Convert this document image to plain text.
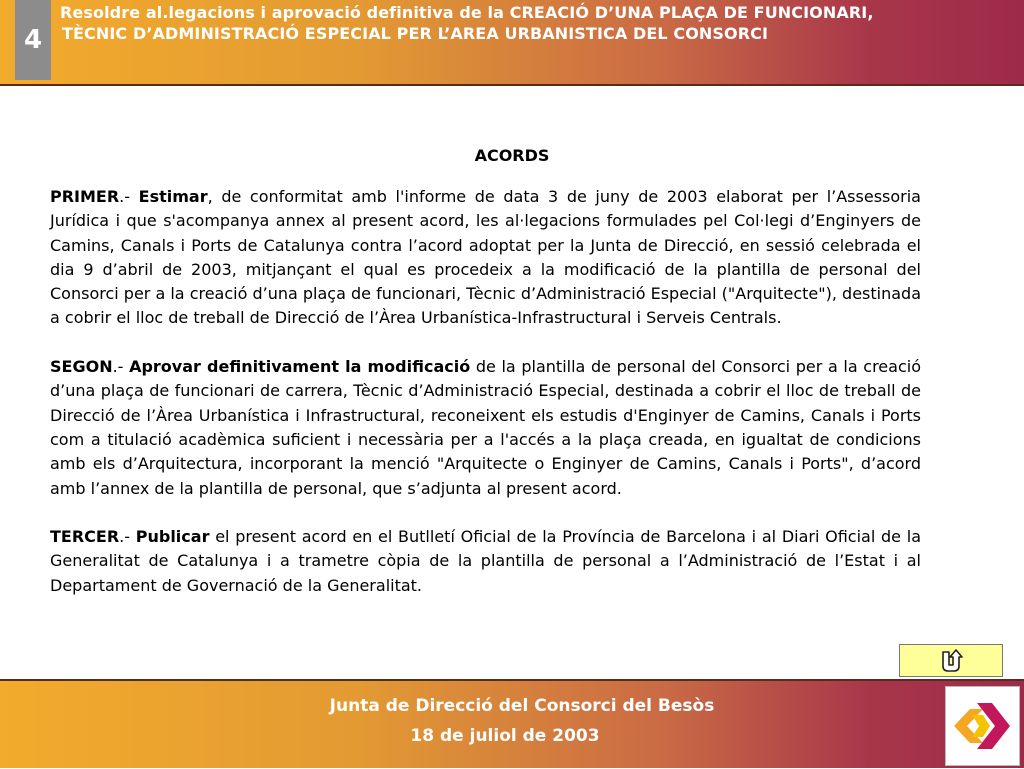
4
Resoldre al.legacions i aprovació definitiva de la CREACIÓ D’UNA PLAÇA DE FUNCIONARI,
TÈCNIC D’ADMINISTRACIÓ ESPECIAL PER L’AREA URBANISTICA DEL CONSORCI
ACORDS

PRIMER.- Estimar, de conformitat amb l'informe de data 3 de juny de 2003 elaborat per l’Assessoria Jurídica i que s'acompanya annex al present acord, les al·legacions formulades pel Col·legi d’Enginyers de Camins, Canals i Ports de Catalunya contra l’acord adoptat per la Junta de Direcció, en sessió celebrada el dia 9 d’abril de 2003, mitjançant el qual es procedeix a la modificació de la plantilla de personal del Consorci per a la creació d’una plaça de funcionari, Tècnic d’Administració Especial ("Arquitecte"), destinada a cobrir el lloc de treball de Direcció de l’Àrea Urbanística-Infrastructural i Serveis Centrals.

SEGON.- Aprovar definitivament la modificació de la plantilla de personal del Consorci per a la creació d’una plaça de funcionari de carrera, Tècnic d’Administració Especial, destinada a cobrir el lloc de treball de Direcció de l’Àrea Urbanística i Infrastructural, reconeixent els estudis d'Enginyer de Camins, Canals i Ports com a titulació acadèmica suficient i necessària per a l'accés a la plaça creada, en igualtat de condicions amb els d’Arquitectura, incorporant la menció "Arquitecte o Enginyer de Camins, Canals i Ports", d’acord amb l’annex de la plantilla de personal, que s’adjunta al present acord.

TERCER.- Publicar el present acord en el Butlletí Oficial de la Província de Barcelona i al Diari Oficial de la Generalitat de Catalunya i a trametre còpia de la plantilla de personal a l’Administració de l’Estat i al Departament de Governació de la Generalitat.

Junta de Direcció del Consorci del Besòs
18 de juliol de 2003
